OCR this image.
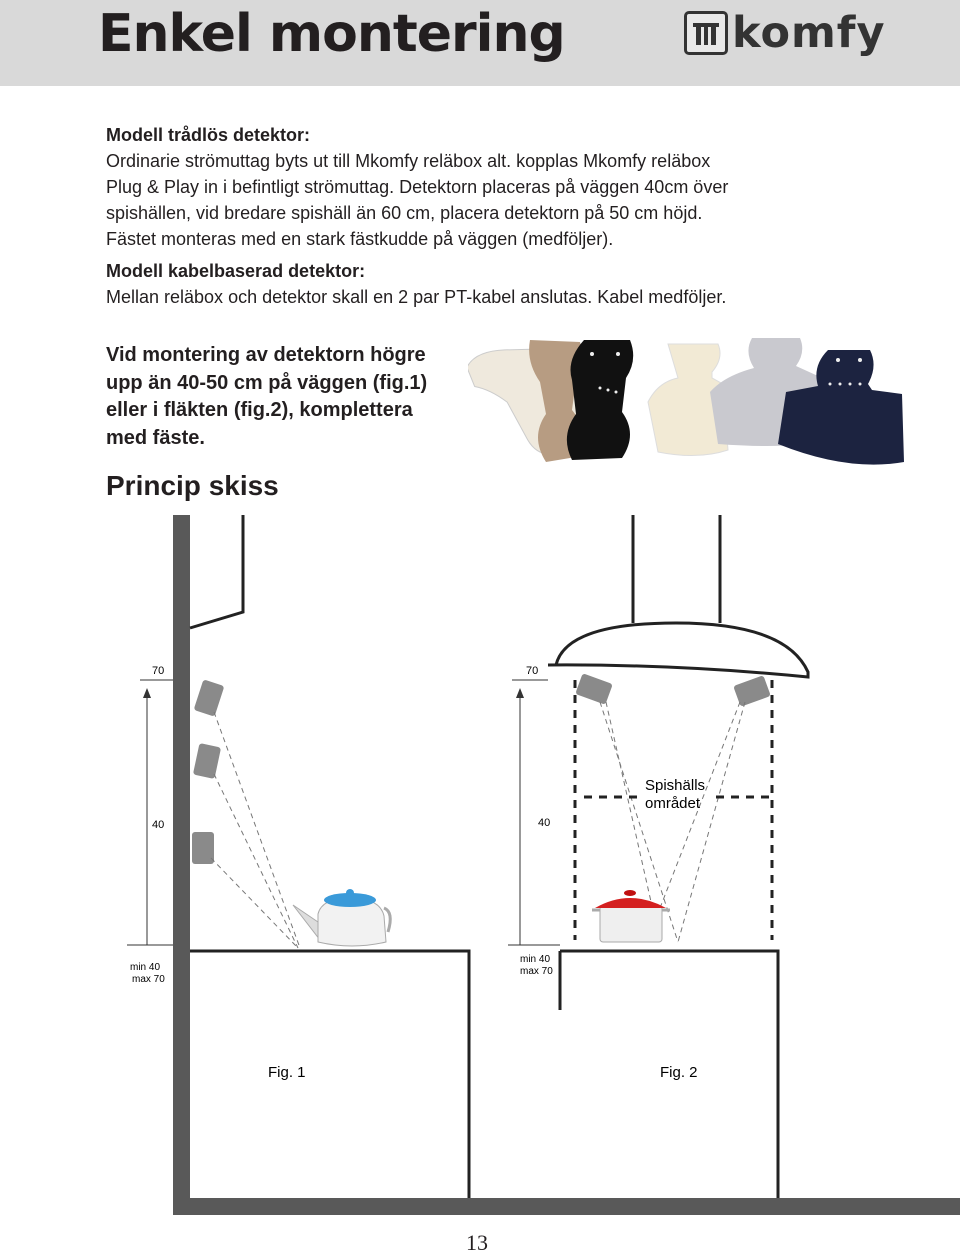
Enkel montering	komfy
Modell trådlös detektor:
Ordinarie strömuttag byts ut till Mkomfy reläbox alt. kopplas Mkomfy reläbox
Plug & Play in i befintligt strömuttag. Detektorn placeras på väggen 40cm över
spishällen, vid bredare spishäll än 60 cm, placera detektorn på 50 cm höjd.
Fästet monteras med en stark fästkudde på väggen (medföljer).
Modell kabelbaserad detektor:
Mellan reläbox och detektor skall en 2 par PT-kabel anslutas. Kabel medföljer.
Vid montering av detektorn högre
upp än 40-50 cm på väggen (fig.1)
eller i fläkten (fig.2), komplettera
med fäste.
Princip skiss
70
40
min 40
max 70
Fig. 1
70
40
min 40
max 70
Spishälls
området
Fig. 2
13
